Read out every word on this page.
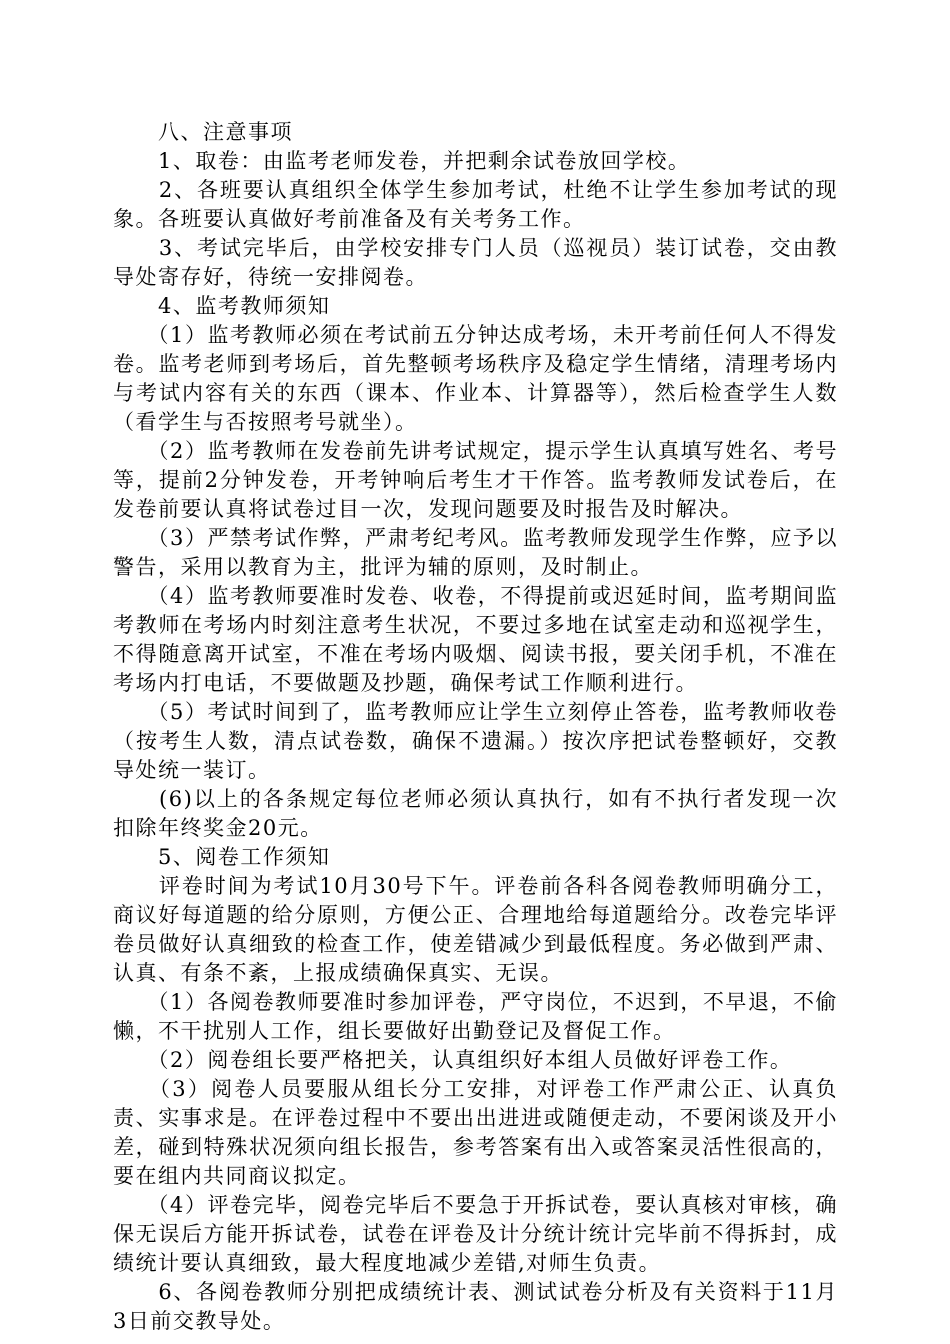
　　八、注意事项

　　1、取卷：由监考老师发卷，并把剩余试卷放回学校。

　　2、各班要认真组织全体学生参加考试，杜绝不让学生参加考试的现象。各班要认真做好考前准备及有关考务工作。

　　3、考试完毕后，由学校安排专门人员（巡视员）装订试卷，交由教导处寄存好，待统一安排阅卷。

　　4、监考教师须知

　　（1）监考教师必须在考试前五分钟达成考场，未开考前任何人不得发卷。监考老师到考场后，首先整顿考场秩序及稳定学生情绪，清理考场内与考试内容有关的东西（课本、作业本、计算器等），然后检查学生人数（看学生与否按照考号就坐）。

　　（2）监考教师在发卷前先讲考试规定，提示学生认真填写姓名、考号等，提前2分钟发卷，开考钟响后考生才干作答。监考教师发试卷后，在发卷前要认真将试卷过目一次，发现问题要及时报告及时解决。

　　（3）严禁考试作弊，严肃考纪考风。监考教师发现学生作弊，应予以警告，采用以教育为主，批评为辅的原则，及时制止。

　　（4）监考教师要准时发卷、收卷，不得提前或迟延时间，监考期间监考教师在考场内时刻注意考生状况，不要过多地在试室走动和巡视学生，不得随意离开试室，不准在考场内吸烟、阅读书报，要关闭手机，不准在考场内打电话，不要做题及抄题，确保考试工作顺利进行。

　　（5）考试时间到了，监考教师应让学生立刻停止答卷，监考教师收卷（按考生人数，清点试卷数，确保不遗漏。）按次序把试卷整顿好，交教导处统一装订。

　　(6)以上的各条规定每位老师必须认真执行，如有不执行者发现一次扣除年终奖金20元。

　　5、阅卷工作须知

　　评卷时间为考试10月30号下午。评卷前各科各阅卷教师明确分工，商议好每道题的给分原则，方便公正、合理地给每道题给分。改卷完毕评卷员做好认真细致的检查工作，使差错减少到最低程度。务必做到严肃、认真、有条不紊，上报成绩确保真实、无误。

　　（1）各阅卷教师要准时参加评卷，严守岗位，不迟到，不早退，不偷懒，不干扰别人工作，组长要做好出勤登记及督促工作。

　　（2）阅卷组长要严格把关，认真组织好本组人员做好评卷工作。

　　（3）阅卷人员要服从组长分工安排，对评卷工作严肃公正、认真负责、实事求是。在评卷过程中不要出出进进或随便走动，不要闲谈及开小差，碰到特殊状况须向组长报告，参考答案有出入或答案灵活性很高的，要在组内共同商议拟定。

　　（4）评卷完毕，阅卷完毕后不要急于开拆试卷，要认真核对审核，确保无误后方能开拆试卷，试卷在评卷及计分统计统计完毕前不得拆封，成绩统计要认真细致，最大程度地减少差错,对师生负责。

　　6、各阅卷教师分别把成绩统计表、测试试卷分析及有关资料于11月3日前交教导处。
